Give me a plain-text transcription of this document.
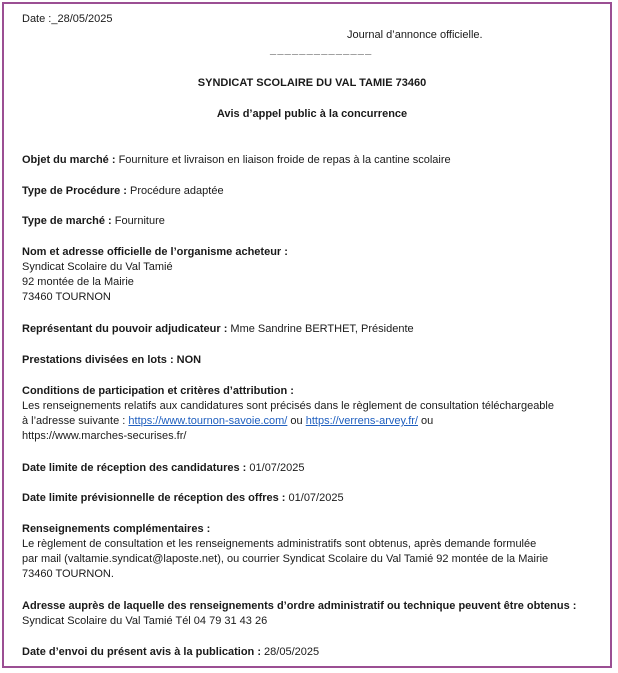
Date :_28/05/2025
Journal d’annonce officielle.
______________
SYNDICAT SCOLAIRE DU VAL TAMIE 73460
Avis d’appel public à la concurrence
Objet du marché : Fourniture et livraison en liaison froide de repas à la cantine scolaire
Type de Procédure : Procédure adaptée
Type de marché : Fourniture
Nom et adresse officielle de l’organisme acheteur :
Syndicat Scolaire du Val Tamié
92 montée de la Mairie
73460 TOURNON
Représentant du pouvoir adjudicateur : Mme Sandrine BERTHET, Présidente
Prestations divisées en lots : NON
Conditions de participation et critères d’attribution :
Les renseignements relatifs aux candidatures sont précisés dans le règlement de consultation téléchargeable
à l’adresse suivante : https://www.tournon-savoie.com/ ou https://verrens-arvey.fr/ ou
https://www.marches-securises.fr/
Date limite de réception des candidatures : 01/07/2025
Date limite prévisionnelle de réception des offres : 01/07/2025
Renseignements complémentaires :
Le règlement de consultation et les renseignements administratifs sont obtenus, après demande formulée
par mail (valtamie.syndicat@laposte.net), ou courrier Syndicat Scolaire du Val Tamié 92 montée de la Mairie
73460 TOURNON.
Adresse auprès de laquelle des renseignements d’ordre administratif ou technique peuvent être obtenus :
Syndicat Scolaire du Val Tamié Tél 04 79 31 43 26
Date d’envoi du présent avis à la publication : 28/05/2025
